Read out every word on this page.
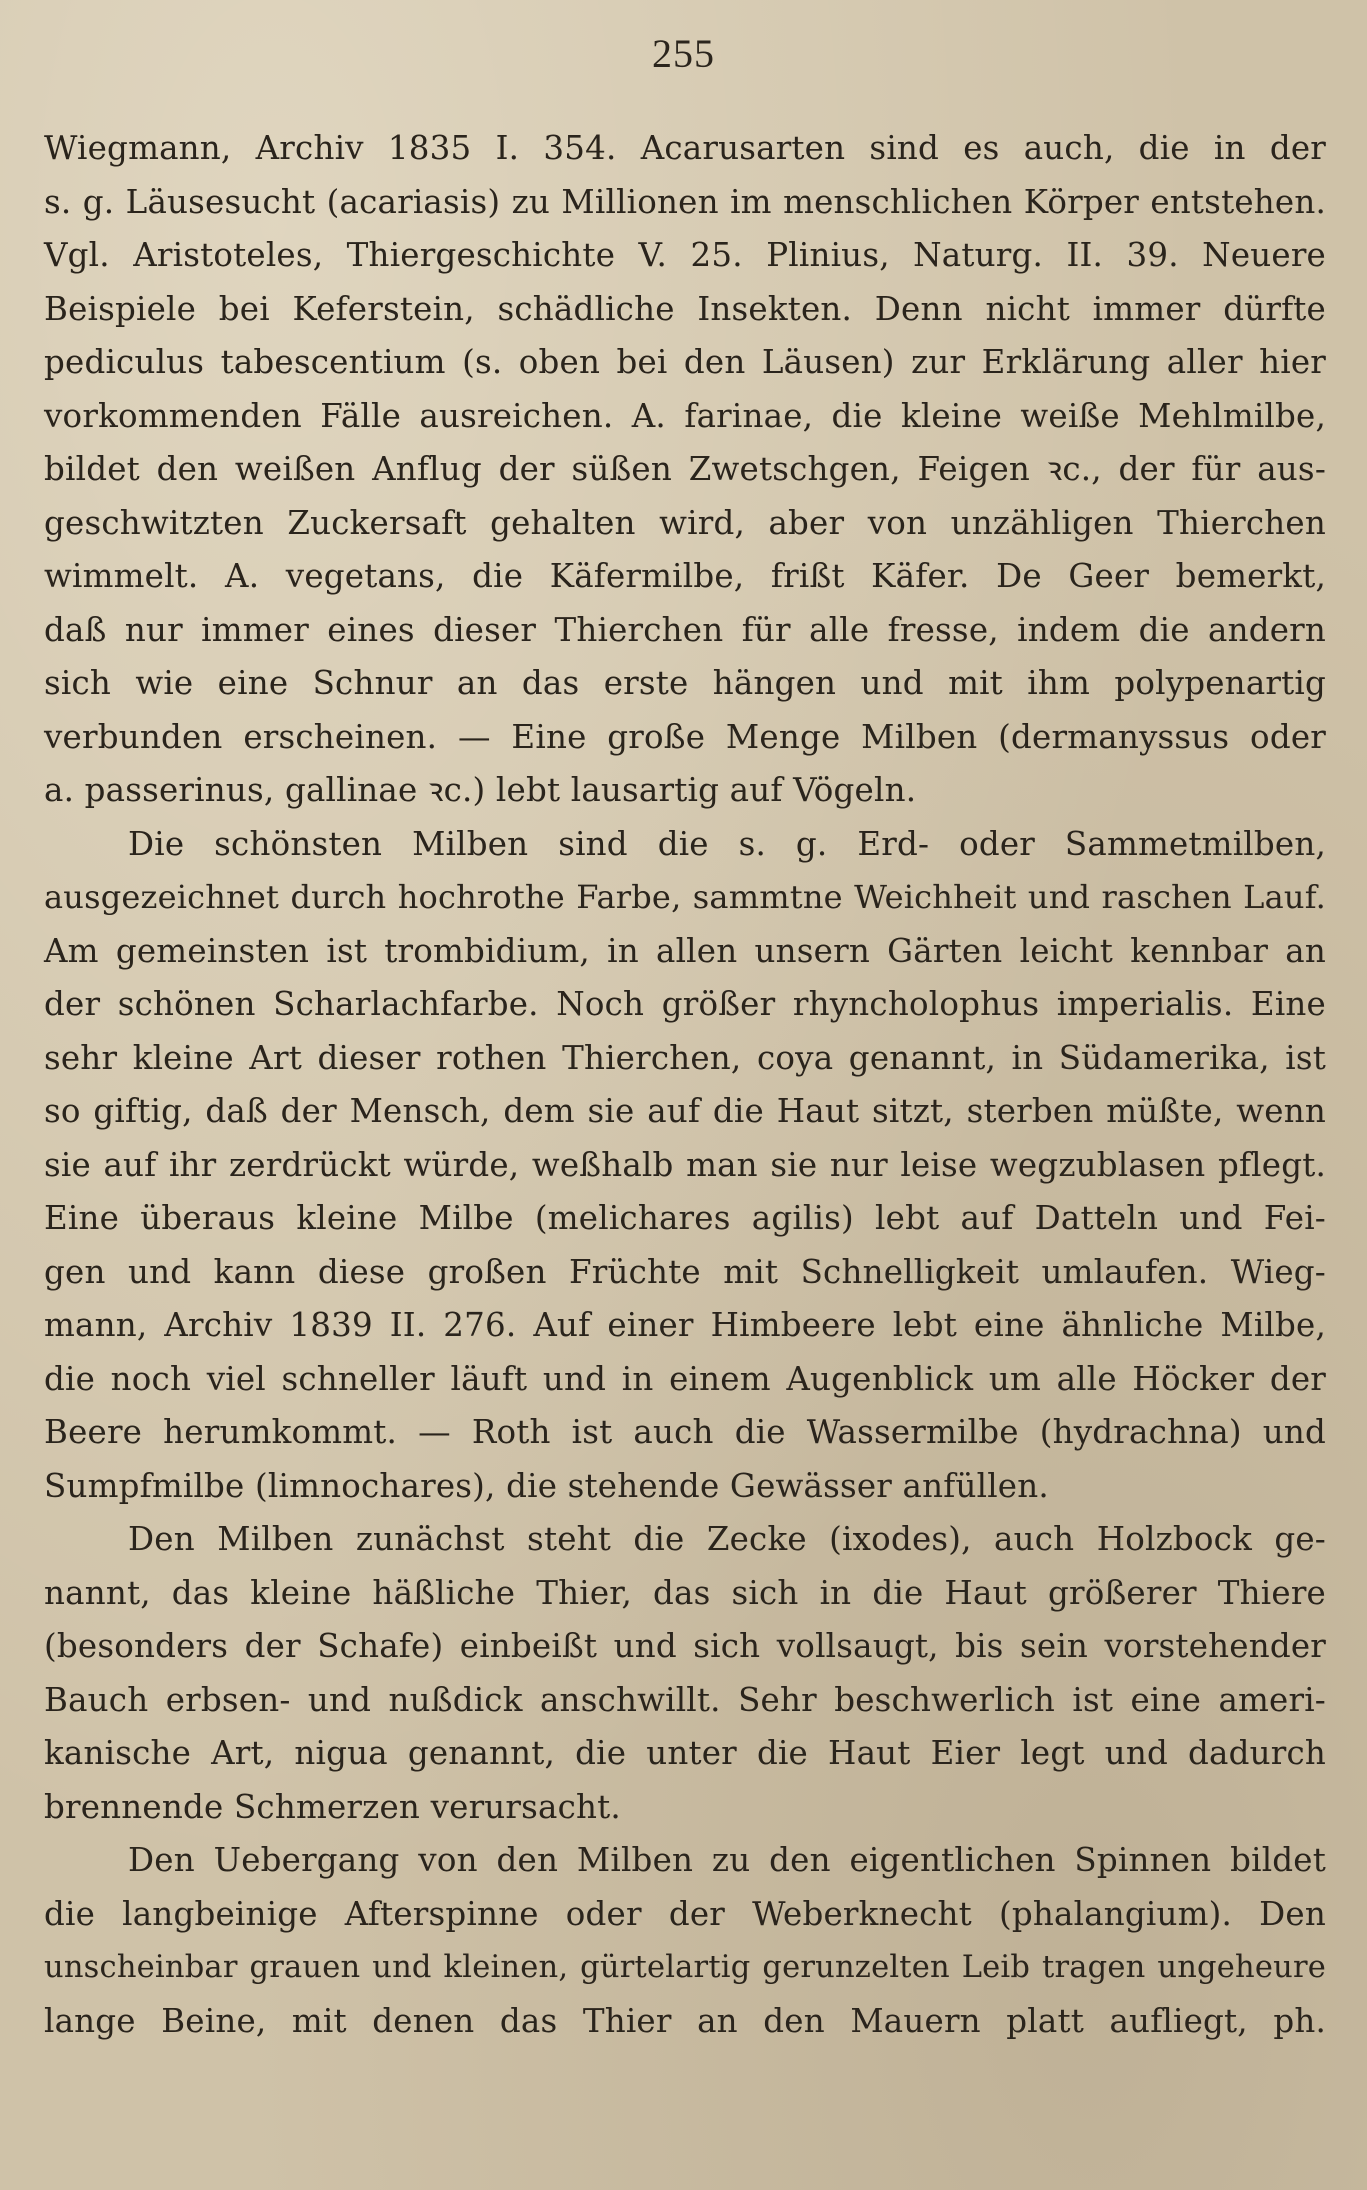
255
Wiegmann, Archiv 1835 I. 354. Acarusarten sind es auch, die in der
s. g. Läusesucht (acariasis) zu Millionen im menschlichen Körper entstehen.
Vgl. Aristoteles, Thiergeschichte V. 25. Plinius, Naturg. II. 39. Neuere
Beispiele bei Keferstein, schädliche Insekten. Denn nicht immer dürfte
pediculus tabescentium (s. oben bei den Läusen) zur Erklärung aller hier
vorkommenden Fälle ausreichen. A. farinae, die kleine weiße Mehlmilbe,
bildet den weißen Anflug der süßen Zwetschgen, Feigen ꝛc., der für aus-
geschwitzten Zuckersaft gehalten wird, aber von unzähligen Thierchen
wimmelt. A. vegetans, die Käfermilbe, frißt Käfer. De Geer bemerkt,
daß nur immer eines dieser Thierchen für alle fresse, indem die andern
sich wie eine Schnur an das erste hängen und mit ihm polypenartig
verbunden erscheinen. — Eine große Menge Milben (dermanyssus oder
a. passerinus, gallinae ꝛc.) lebt lausartig auf Vögeln.
Die schönsten Milben sind die s. g. Erd- oder Sammetmilben,
ausgezeichnet durch hochrothe Farbe, sammtne Weichheit und raschen Lauf.
Am gemeinsten ist trombidium, in allen unsern Gärten leicht kennbar an
der schönen Scharlachfarbe. Noch größer rhyncholophus imperialis. Eine
sehr kleine Art dieser rothen Thierchen, coya genannt, in Südamerika, ist
so giftig, daß der Mensch, dem sie auf die Haut sitzt, sterben müßte, wenn
sie auf ihr zerdrückt würde, weßhalb man sie nur leise wegzublasen pflegt.
Eine überaus kleine Milbe (melichares agilis) lebt auf Datteln und Fei-
gen und kann diese großen Früchte mit Schnelligkeit umlaufen. Wieg-
mann, Archiv 1839 II. 276. Auf einer Himbeere lebt eine ähnliche Milbe,
die noch viel schneller läuft und in einem Augenblick um alle Höcker der
Beere herumkommt. — Roth ist auch die Wassermilbe (hydrachna) und
Sumpfmilbe (limnochares), die stehende Gewässer anfüllen.
Den Milben zunächst steht die Zecke (ixodes), auch Holzbock ge-
nannt, das kleine häßliche Thier, das sich in die Haut größerer Thiere
(besonders der Schafe) einbeißt und sich vollsaugt, bis sein vorstehender
Bauch erbsen- und nußdick anschwillt. Sehr beschwerlich ist eine ameri-
kanische Art, nigua genannt, die unter die Haut Eier legt und dadurch
brennende Schmerzen verursacht.
Den Uebergang von den Milben zu den eigentlichen Spinnen bildet
die langbeinige Afterspinne oder der Weberknecht (phalangium). Den
unscheinbar grauen und kleinen, gürtelartig gerunzelten Leib tragen ungeheure
lange Beine, mit denen das Thier an den Mauern platt aufliegt, ph.
